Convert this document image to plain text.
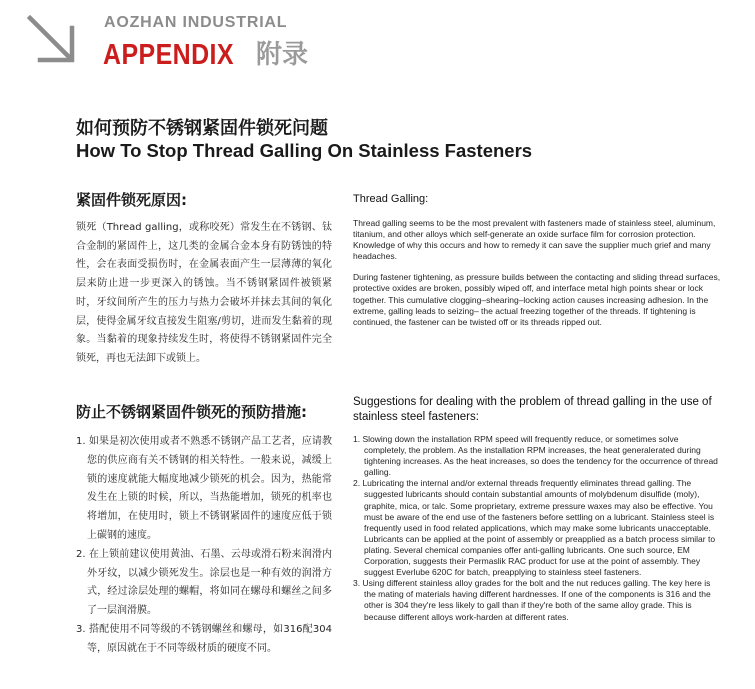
AOZHAN INDUSTRIAL
APPENDIX 附录
如何预防不锈钢紧固件锁死问题
How To Stop Thread Galling On Stainless Fasteners
紧固件锁死原因:

锁死（Thread galling，或称咬死）常发生在不锈钢、钛合金制的紧固件上，这几类的金属合金本身有防锈蚀的特性，会在表面受损伤时，在金属表面产生一层薄薄的氧化层来防止进一步更深入的锈蚀。当不锈钢紧固件被锁紧时，牙纹间所产生的压力与热力会破坏并抹去其间的氧化层，使得金属牙纹直接发生阻塞/剪切，进而发生黏着的现象。当黏着的现象持续发生时，将使得不锈钢紧固件完全锁死，再也无法卸下或锁上。

防止不锈钢紧固件锁死的预防措施:
1. 如果是初次使用或者不熟悉不锈钢产品工艺者，应请教您的供应商有关不锈钢的相关特性。一般来说，减缓上锁的速度就能大幅度地减少锁死的机会。因为，热能常发生在上锁的时候，所以，当热能增加，锁死的机率也将增加，在使用时，锁上不锈钢紧固件的速度应低于锁上碳钢的速度。
2. 在上锁前建议使用黄油、石墨、云母或滑石粉来润滑内外牙纹，以减少锁死发生。涂层也是一种有效的润滑方式，经过涂层处理的螺帽，将如同在螺母和螺丝之间多了一层润滑膜。
3. 搭配使用不同等级的不锈钢螺丝和螺母，如316配304等，原因就在于不同等级材质的硬度不同。
Thread Galling:

Thread galling seems to be the most prevalent with fasteners made of stainless steel, aluminum, titanium, and other alloys which self-generate an oxide surface film for corrosion protection. Knowledge of why this occurs and how to remedy it can save the supplier much grief and many headaches.

During fastener tightening, as pressure builds between the contacting and sliding thread surfaces, protective oxides are broken, possibly wiped off, and interface metal high points shear or lock together. This cumulative clogging–shearing–locking action causes increasing adhesion. In the extreme, galling leads to seizing– the actual freezing together of the threads. If tightening is continued, the fastener can be twisted off or its threads ripped out.

Suggestions for dealing with the problem of thread galling in the use of stainless steel fasteners:
1. Slowing down the installation RPM speed will frequently reduce, or sometimes solve completely, the problem. As the installation RPM increases, the heat generalerated during tightening increases. As the heat increases, so does the tendency for the occurrence of thread galling.
2. Lubricating the internal and/or external threads frequently eliminates thread galling. The suggested lubricants should contain substantial amounts of molybdenum disulfide (moly), graphite, mica, or talc. Some proprietary, extreme pressure waxes may also be effective. You must be aware of the end use of the fasteners before settling on a lubricant. Stainless steel is frequently used in food related applications, which may make some lubricants unacceptable. Lubricants can be applied at the point of assembly or preapplied as a batch process similar to plating. Several chemical companies offer anti-galling lubricants. One such source, EM Corporation, suggests their Permaslik RAC product for use at the point of assembly. They suggest Everlube 620C for batch, preapplying to stainless steel fasteners.
3. Using different stainless alloy grades for the bolt and the nut reduces galling. The key here is the mating of materials having different hardnesses. If one of the components is 316 and the other is 304 they're less likely to gall than if they're both of the same alloy grade. This is because different alloys work-harden at different rates.
